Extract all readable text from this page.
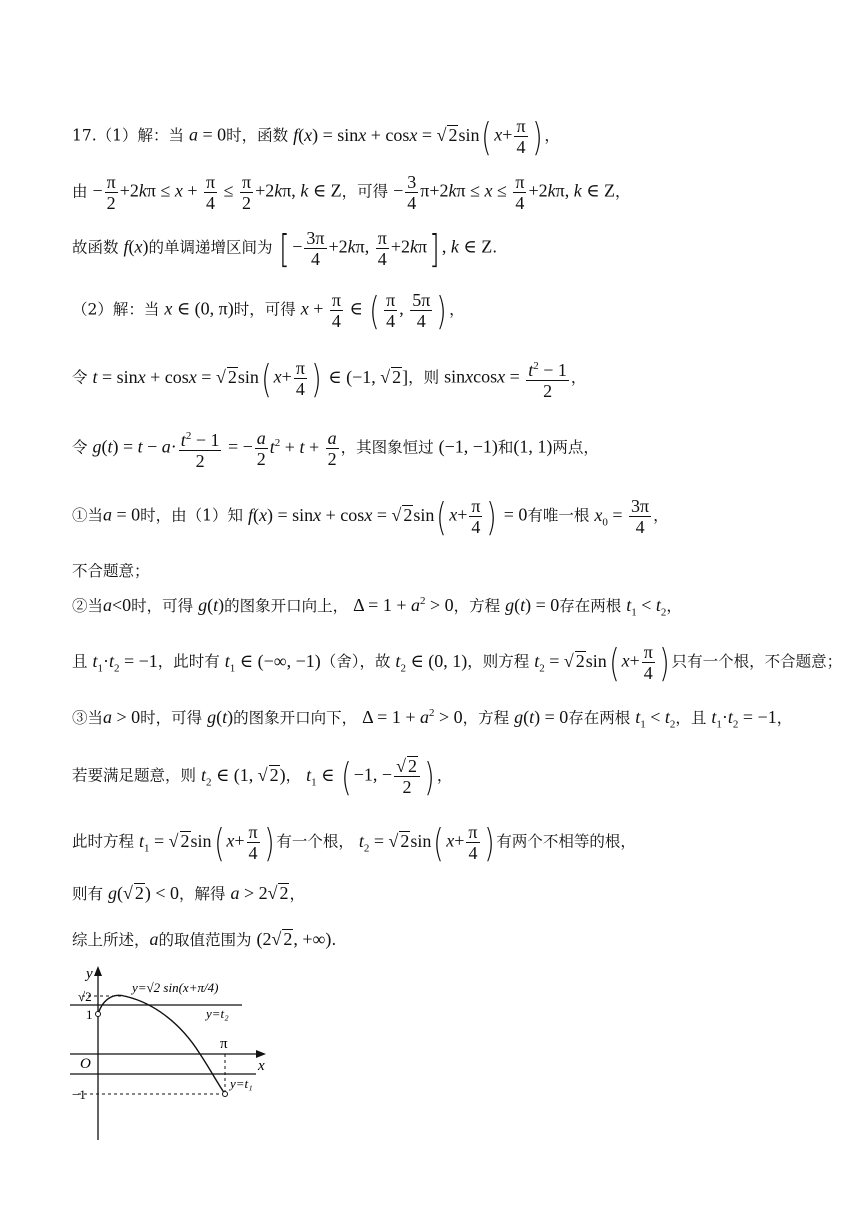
17.（1）解：当 a = 0时，函数 f(x) = sinx + cosx = √ 2sin( $x+ \frac{\pi}{4}$ ) ，
由 − $\frac{\pi}{2} +2k\pi \le x + \frac{\pi}{4} \le \frac{\pi}{2} +2k\pi$, k ∈ Z，可得 − $\frac{3}{4} \pi+2k\pi \le x \le \frac{\pi}{4} +2k\pi$, k ∈ Z，
故函数 f(x)的单调递增区间为 [ − $\frac{3\pi}{4} +2k\pi$, $\frac{\pi}{4} +2k\pi$] , k ∈ Z.
（2）解：当 x ∈ (0, π)时，可得 $x + \frac{\pi}{4}$ ∈ ( $\frac{\pi}{4}$ , $\frac{5\pi}{4}$ ) ，
令 t = sinx + cosx = √ 2sin( $x+ \frac{\pi}{4}$ ) ∈ (−1, √ 2]，则 sinxcosx = $\frac{t^2 - 1}{2}$ ，
令 $g(t) = t - a\cdot \frac{t^2 - 1}{2}$ = − $\frac{a}{2} t^2 + t + \frac{a}{2}$ ，其图象恒过 (−1, −1)和(1, 1)两点，
①当a = 0时，由（1）知 f(x) = sinx + cosx = √ 2sin( $x+ \frac{\pi}{4}$ ) = 0有唯一根 $x_0 = \frac{3\pi}{4}$ ，
不合题意；
②当a<0时，可得 g(t)的图象开口向上， $\Delta = 1 + a^2 > 0$，方程 g(t) = 0存在两根 $t_1 < t_2$，
且 $t_1\cdot t_2 = -1$，此时有 $t_1$ ∈ (−∞, −1)（舍），故 $t_2$ ∈ (0, 1)，则方程 $t_2$ = √ 2sin( $x+ \frac{\pi}{4}$ ) 只有一个根，不合题意；
③当a > 0时，可得 g(t)的图象开口向下， $\Delta = 1 + a^2 > 0$，方程 g(t) = 0存在两根 $t_1 < t_2$，且 $t_1\cdot t_2 = -1$，
若要满足题意，则 $t_2$ ∈ (1, √ 2)， $t_1$ ∈ ( −1, − $\frac{√ 2}{2}$ ) ，
此时方程 $t_1$ = √ 2sin( $x+ \frac{\pi}{4}$ ) 有一个根， $t_2$ = √ 2sin( $x+ \frac{\pi}{4}$ ) 有两个不相等的根，
则有 g(√ 2) < 0，解得 a > 2√ 2，
综上所述，a的取值范围为 (2√ 2, +∞).
y
√2
1
O
−1
π
x
y=√2 sin(x+π/4)
y=t₂
y=t₁
